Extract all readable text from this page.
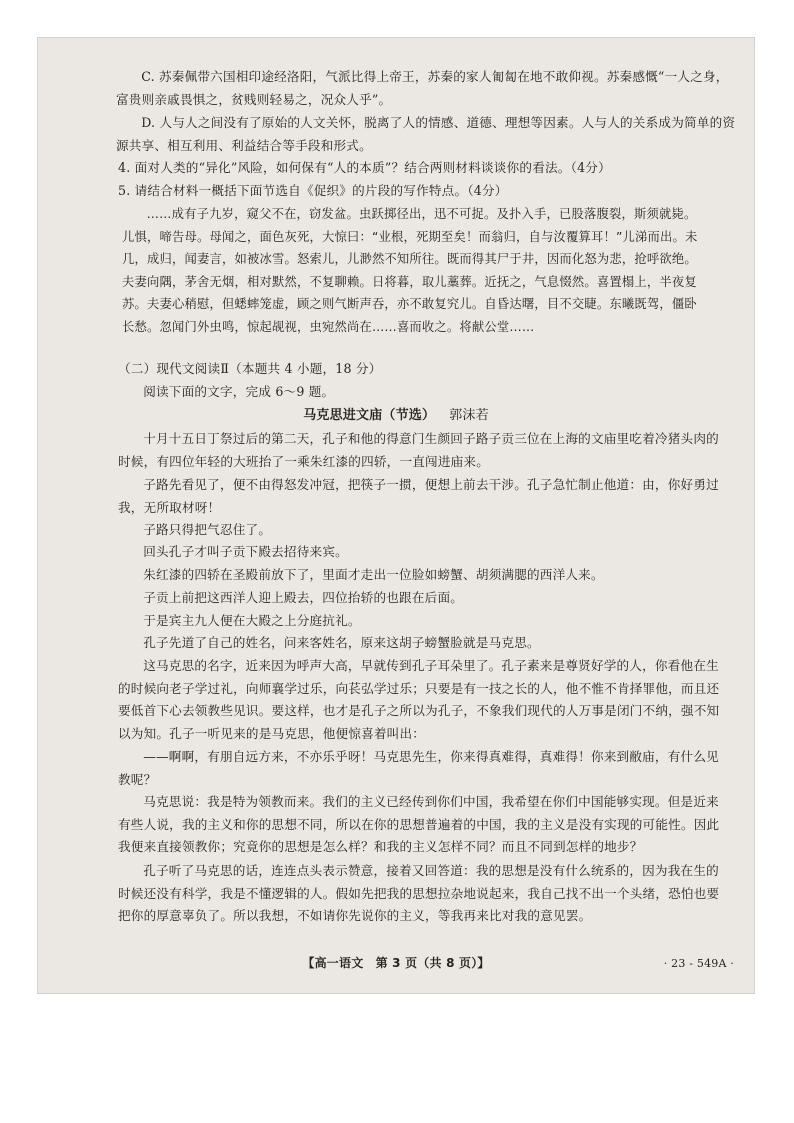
C. 苏秦佩带六国相印途经洛阳，气派比得上帝王，苏秦的家人匍匐在地不敢仰视。苏秦感慨“一人之身，富贵则亲戚畏惧之，贫贱则轻易之，况众人乎”。

D. 人与人之间没有了原始的人文关怀，脱离了人的情感、道德、理想等因素。人与人的关系成为简单的资源共享、相互利用、利益结合等手段和形式。

4. 面对人类的“异化”风险，如何保有“人的本质”？结合两则材料谈谈你的看法。（4分）

5. 请结合材料一概括下面节选自《促织》的片段的写作特点。（4分）

……成有子九岁，窥父不在，窃发盆。虫跃掷径出，迅不可捉。及扑入手，已股落腹裂，斯须就毙。儿惧，啼告母。母闻之，面色灰死，大惊曰：“业根，死期至矣！而翁归，自与汝覆算耳！”儿涕而出。未几，成归，闻妻言，如被冰雪。怒索儿，儿渺然不知所往。既而得其尸于井，因而化怒为悲，抢呼欲绝。夫妻向隅，茅舍无烟，相对默然，不复聊赖。日将暮，取儿藁葬。近抚之，气息惙然。喜置榻上，半夜复苏。夫妻心稍慰，但蟋蟀笼虚，顾之则气断声吞，亦不敢复究儿。自昏达曙，目不交睫。东曦既驾，僵卧长愁。忽闻门外虫鸣，惊起觇视，虫宛然尚在……喜而收之。将献公堂……

（二）现代文阅读Ⅱ（本题共 4 小题，18 分）

阅读下面的文字，完成 6～9 题。

马克思进文庙（节选） 郭沫若

十月十五日丁祭过后的第二天，孔子和他的得意门生颜回子路子贡三位在上海的文庙里吃着冷猪头肉的时候，有四位年轻的大班抬了一乘朱红漆的四轿，一直闯进庙来。

子路先看见了，便不由得怒发冲冠，把筷子一掼，便想上前去干涉。孔子急忙制止他道：由，你好勇过我，无所取材呀！

子路只得把气忍住了。

回头孔子才叫子贡下殿去招待来宾。

朱红漆的四轿在圣殿前放下了，里面才走出一位脸如螃蟹、胡须满腮的西洋人来。

子贡上前把这西洋人迎上殿去，四位抬轿的也跟在后面。

于是宾主九人便在大殿之上分庭抗礼。

孔子先道了自己的姓名，问来客姓名，原来这胡子螃蟹脸就是马克思。

这马克思的名字，近来因为呼声大高，早就传到孔子耳朵里了。孔子素来是尊贤好学的人，你看他在生的时候向老子学过礼，向师襄学过乐，向苌弘学过乐；只要是有一技之长的人，他不惟不肯择罪他，而且还要低首下心去领教些见识。要这样，也才是孔子之所以为孔子，不象我们现代的人万事是闭门不纳，强不知以为知。孔子一听见来的是马克思，他便惊喜着叫出：

——啊啊，有朋自远方来，不亦乐乎呀！马克思先生，你来得真难得，真难得！你来到敝庙，有什么见教呢？

马克思说：我是特为领教而来。我们的主义已经传到你们中国，我希望在你们中国能够实现。但是近来有些人说，我的主义和你的思想不同，所以在你的思想普遍着的中国，我的主义是没有实现的可能性。因此我便来直接领教你；究竟你的思想是怎么样？和我的主义怎样不同？而且不同到怎样的地步？

孔子听了马克思的话，连连点头表示赞意，接着又回答道：我的思想是没有什么统系的，因为我在生的时候还没有科学，我是不懂逻辑的人。假如先把我的思想拉杂地说起来，我自己找不出一个头绪，恐怕也要把你的厚意辜负了。所以我想，不如请你先说你的主义，等我再来比对我的意见罢。

【高一语文　第 3 页（共 8 页）】	· 23 - 549A ·
